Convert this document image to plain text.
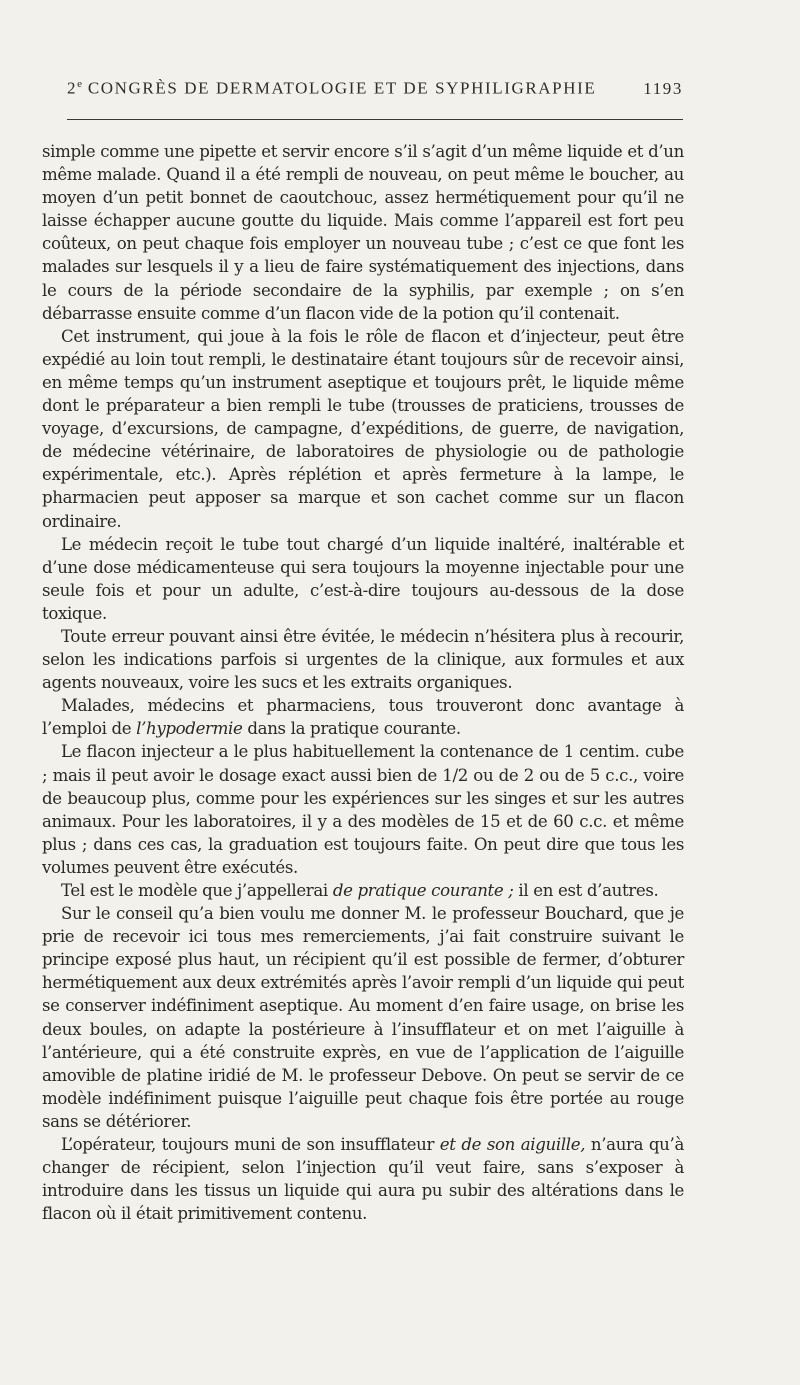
2e CONGRÈS DE DERMATOLOGIE ET DE SYPHILIGRAPHIE	1193

simple comme une pipette et servir encore s’il s’agit d’un même liquide et d’un même malade. Quand il a été rempli de nouveau, on peut même le boucher, au moyen d’un petit bonnet de caoutchouc, assez hermétiquement pour qu’il ne laisse échapper aucune goutte du liquide. Mais comme l’appareil est fort peu coûteux, on peut chaque fois employer un nouveau tube ; c’est ce que font les malades sur lesquels il y a lieu de faire systématiquement des injections, dans le cours de la période secondaire de la syphilis, par exemple ; on s’en débarrasse ensuite comme d’un flacon vide de la potion qu’il contenait.

Cet instrument, qui joue à la fois le rôle de flacon et d’injecteur, peut être expédié au loin tout rempli, le destinataire étant toujours sûr de recevoir ainsi, en même temps qu’un instrument aseptique et toujours prêt, le liquide même dont le préparateur a bien rempli le tube (trousses de praticiens, trousses de voyage, d’excursions, de campagne, d’expéditions, de guerre, de navigation, de médecine vétérinaire, de laboratoires de physiologie ou de pathologie expérimentale, etc.). Après réplétion et après fermeture à la lampe, le pharmacien peut apposer sa marque et son cachet comme sur un flacon ordinaire.

Le médecin reçoit le tube tout chargé d’un liquide inaltéré, inaltérable et d’une dose médicamenteuse qui sera toujours la moyenne injectable pour une seule fois et pour un adulte, c’est-à-dire toujours au-dessous de la dose toxique.

Toute erreur pouvant ainsi être évitée, le médecin n’hésitera plus à recourir, selon les indications parfois si urgentes de la clinique, aux formules et aux agents nouveaux, voire les sucs et les extraits organiques.

Malades, médecins et pharmaciens, tous trouveront donc avantage à l’emploi de l’hypodermie dans la pratique courante.

Le flacon injecteur a le plus habituellement la contenance de 1 centim. cube ; mais il peut avoir le dosage exact aussi bien de 1/2 ou de 2 ou de 5 c.c., voire de beaucoup plus, comme pour les expériences sur les singes et sur les autres animaux. Pour les laboratoires, il y a des modèles de 15 et de 60 c.c. et même plus ; dans ces cas, la graduation est toujours faite. On peut dire que tous les volumes peuvent être exécutés.

Tel est le modèle que j’appellerai de pratique courante ; il en est d’autres.

Sur le conseil qu’a bien voulu me donner M. le professeur Bouchard, que je prie de recevoir ici tous mes remerciements, j’ai fait construire suivant le principe exposé plus haut, un récipient qu’il est possible de fermer, d’obturer hermétiquement aux deux extrémités après l’avoir rempli d’un liquide qui peut se conserver indéfiniment aseptique. Au moment d’en faire usage, on brise les deux boules, on adapte la postérieure à l’insufflateur et on met l’aiguille à l’antérieure, qui a été construite exprès, en vue de l’application de l’aiguille amovible de platine iridié de M. le professeur Debove. On peut se servir de ce modèle indéfiniment puisque l’aiguille peut chaque fois être portée au rouge sans se détériorer.

L’opérateur, toujours muni de son insufflateur et de son aiguille, n’aura qu’à changer de récipient, selon l’injection qu’il veut faire, sans s’exposer à introduire dans les tissus un liquide qui aura pu subir des altérations dans le flacon où il était primitivement contenu.
